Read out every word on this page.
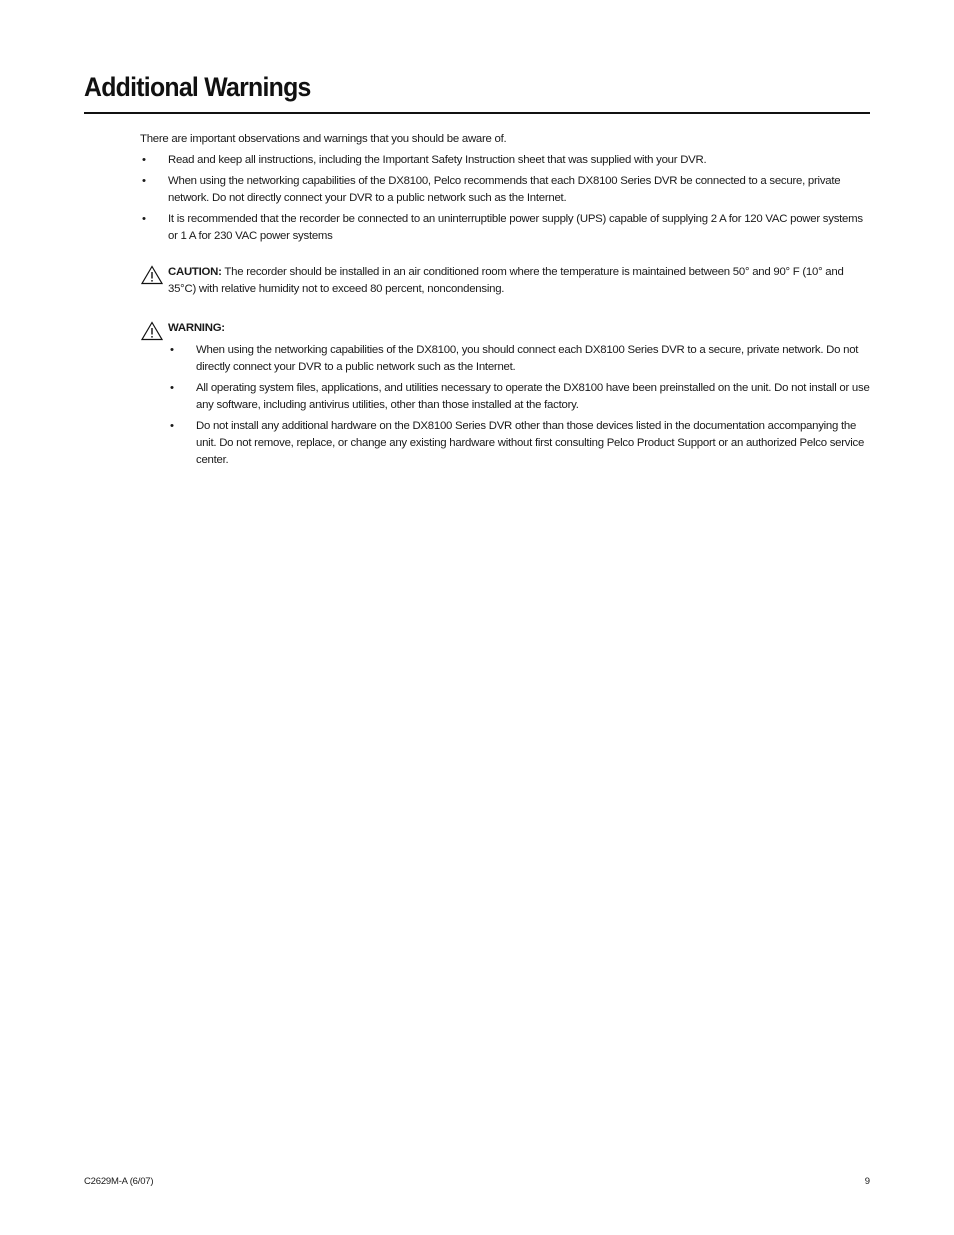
Additional Warnings

There are important observations and warnings that you should be aware of.

• Read and keep all instructions, including the Important Safety Instruction sheet that was supplied with your DVR.
• When using the networking capabilities of the DX8100, Pelco recommends that each DX8100 Series DVR be connected to a secure, private network. Do not directly connect your DVR to a public network such as the Internet.
• It is recommended that the recorder be connected to an uninterruptible power supply (UPS) capable of supplying 2 A for 120 VAC power systems or 1 A for 230 VAC power systems
CAUTION: The recorder should be installed in an air conditioned room where the temperature is maintained between 50° and 90° F (10° and 35°C) with relative humidity not to exceed 80 percent, noncondensing.
WARNING:
• When using the networking capabilities of the DX8100, you should connect each DX8100 Series DVR to a secure, private network. Do not directly connect your DVR to a public network such as the Internet.
• All operating system files, applications, and utilities necessary to operate the DX8100 have been preinstalled on the unit. Do not install or use any software, including antivirus utilities, other than those installed at the factory.
• Do not install any additional hardware on the DX8100 Series DVR other than those devices listed in the documentation accompanying the unit. Do not remove, replace, or change any existing hardware without first consulting Pelco Product Support or an authorized Pelco service center.
C2629M-A (6/07)	9
